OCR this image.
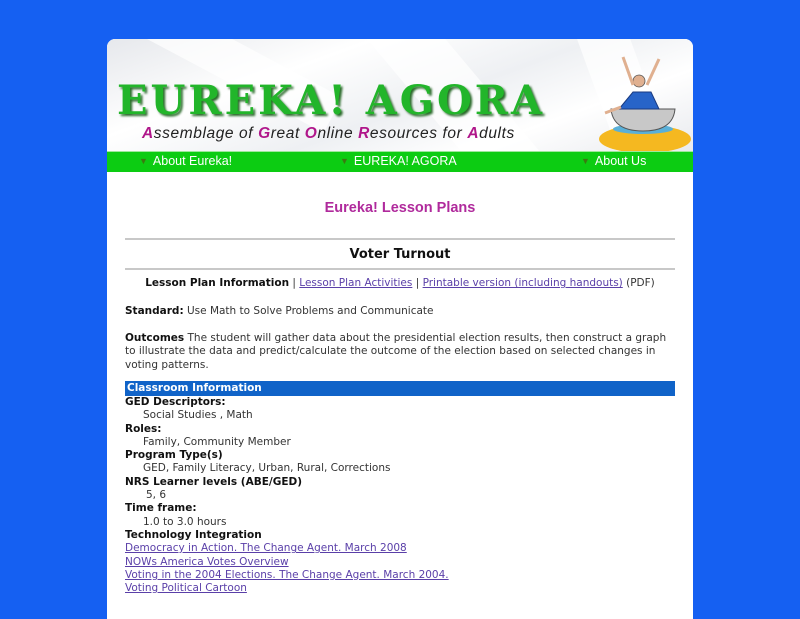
EUREKA! AGORA
Assemblage of Great Online Resources for Adults
▼ About Eureka!	▼ EUREKA! AGORA	▼ About Us
Eureka! Lesson Plans
Voter Turnout
Lesson Plan Information | Lesson Plan Activities | Printable version (including handouts) (PDF)
Standard: Use Math to Solve Problems and Communicate
Outcomes The student will gather data about the presidential election results, then construct a graph to illustrate the data and predict/calculate the outcome of the election based on selected changes in voting patterns.
Classroom Information
GED Descriptors:
Social Studies , Math
Roles:
Family, Community Member
Program Type(s)
GED, Family Literacy, Urban, Rural, Corrections
NRS Learner levels (ABE/GED)
5, 6
Time frame:
1.0 to 3.0 hours
Technology Integration
Democracy in Action. The Change Agent. March 2008
NOWs America Votes Overview
Voting in the 2004 Elections. The Change Agent. March 2004.
Voting Political Cartoon
